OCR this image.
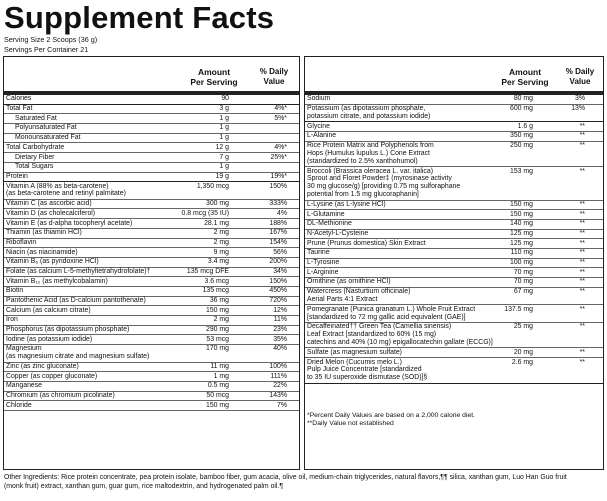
Supplement Facts
Serving Size 2 Scoops (36 g)
Servings Per Container 21
Amount
Per Serving
% Daily
Value
Calories	90
Total Fat	3 g	4%*
Saturated Fat	1 g	5%*
Polyunsaturated Fat	1 g
Monounsaturated Fat	1 g
Total Carbohydrate	12 g	4%*
Dietary Fiber	7 g	25%*
Total Sugars	1 g
Protein	19 g	19%*
Vitamin A (88% as beta-carotene)
(as beta-carotene and retinyl palmitate)
1,350 mcg	150%
Vitamin C (as ascorbic acid)	300 mg	333%
Vitamin D (as cholecalciferol)	0.8 mcg (35 IU)	4%
Vitamin E (as d-alpha tocopheryl acetate)	28.1 mg	188%
Thiamin (as thiamin HCl)	2 mg	167%
Riboflavin	2 mg	154%
Niacin (as niacinamide)	9 mg	56%
Vitamin B₆ (as pyridoxine HCl)	3.4 mg	200%
Folate (as calcium L-5-methyltetrahydrofolate)†	135 mcg DFE	34%
Vitamin B₁₂ (as methylcobalamin)	3.6 mcg	150%
Biotin	135 mcg	450%
Pantothenic Acid (as D-calcium pantothenate)	36 mg	720%
Calcium (as calcium citrate)	150 mg	12%
Iron	2 mg	11%
Phosphorus (as dipotassium phosphate)	290 mg	23%
Iodine (as potassium iodide)	53 mcg	35%
Magnesium
(as magnesium citrate and magnesium sulfate)
170 mg	40%
Zinc (as zinc gluconate)	11 mg	100%
Copper (as copper gluconate)	1 mg	111%
Manganese	0.5 mg	22%
Chromium (as chromium picolinate)	50 mcg	143%
Chloride	150 mg	7%
Amount
Per Serving
% Daily
Value
Sodium	80 mg	3%
Potassium (as dipotassium phosphate,
potassium citrate, and potassium iodide)
600 mg	13%
Glycine	1.6 g	**
L-Alanine	350 mg	**
Rice Protein Matrix and Polyphenols from
Hops (Humulus lupulus L.) Cone Extract
(standardized to 2.5% xanthohumol)
250 mg	**
Broccoli (Brassica oleracea L. var. italica)
Sprout and Floret Powder‡ (myrosinase activity
30 mg glucose/g) [providing 0.75 mg sulforaphane
potential from 1.5 mg glucoraphanin]
153 mg	**
L-Lysine (as L-lysine HCl)	150 mg	**
L-Glutamine	150 mg	**
DL-Methionine	140 mg	**
N-Acetyl-L-Cysteine	125 mg	**
Prune (Prunus domestica) Skin Extract	125 mg	**
Taurine	110 mg	**
L-Tyrosine	100 mg	**
L-Arginine	70 mg	**
Ornithine (as ornithine HCl)	70 mg	**
Watercress (Nasturtium officinale)
Aerial Parts 4:1 Extract
67 mg	**
Pomegranate (Punica granatum L.) Whole Fruit Extract
[standardized to 72 mg gallic acid equivalent (GAE)]
137.5 mg	**
Decaffeinated†† Green Tea (Camellia sinensis)
Leaf Extract [standardized to 60% (15 mg)
catechins and 40% (10 mg) epigallocatechin gallate (ECCG)]
25 mg	**
Sulfate (as magnesium sulfate)	20 mg	**
Dried Melon (Cucumis melo L.)
Pulp Juice Concentrate [standardized
to 35 IU superoxide dismutase (SOD)]§
2.6 mg	**
*Percent Daily Values are based on a 2,000 calorie diet.
**Daily Value not established
Other Ingredients: Rice protein concentrate, pea protein isolate, bamboo fiber, gum acacia, olive oil, medium-chain triglycerides, natural flavors,¶¶ silica, xanthan gum, Luo Han Guo fruit
(monk fruit) extract, xanthan gum, guar gum, rice maltodextrin, and hydrogenated palm oil.¶
